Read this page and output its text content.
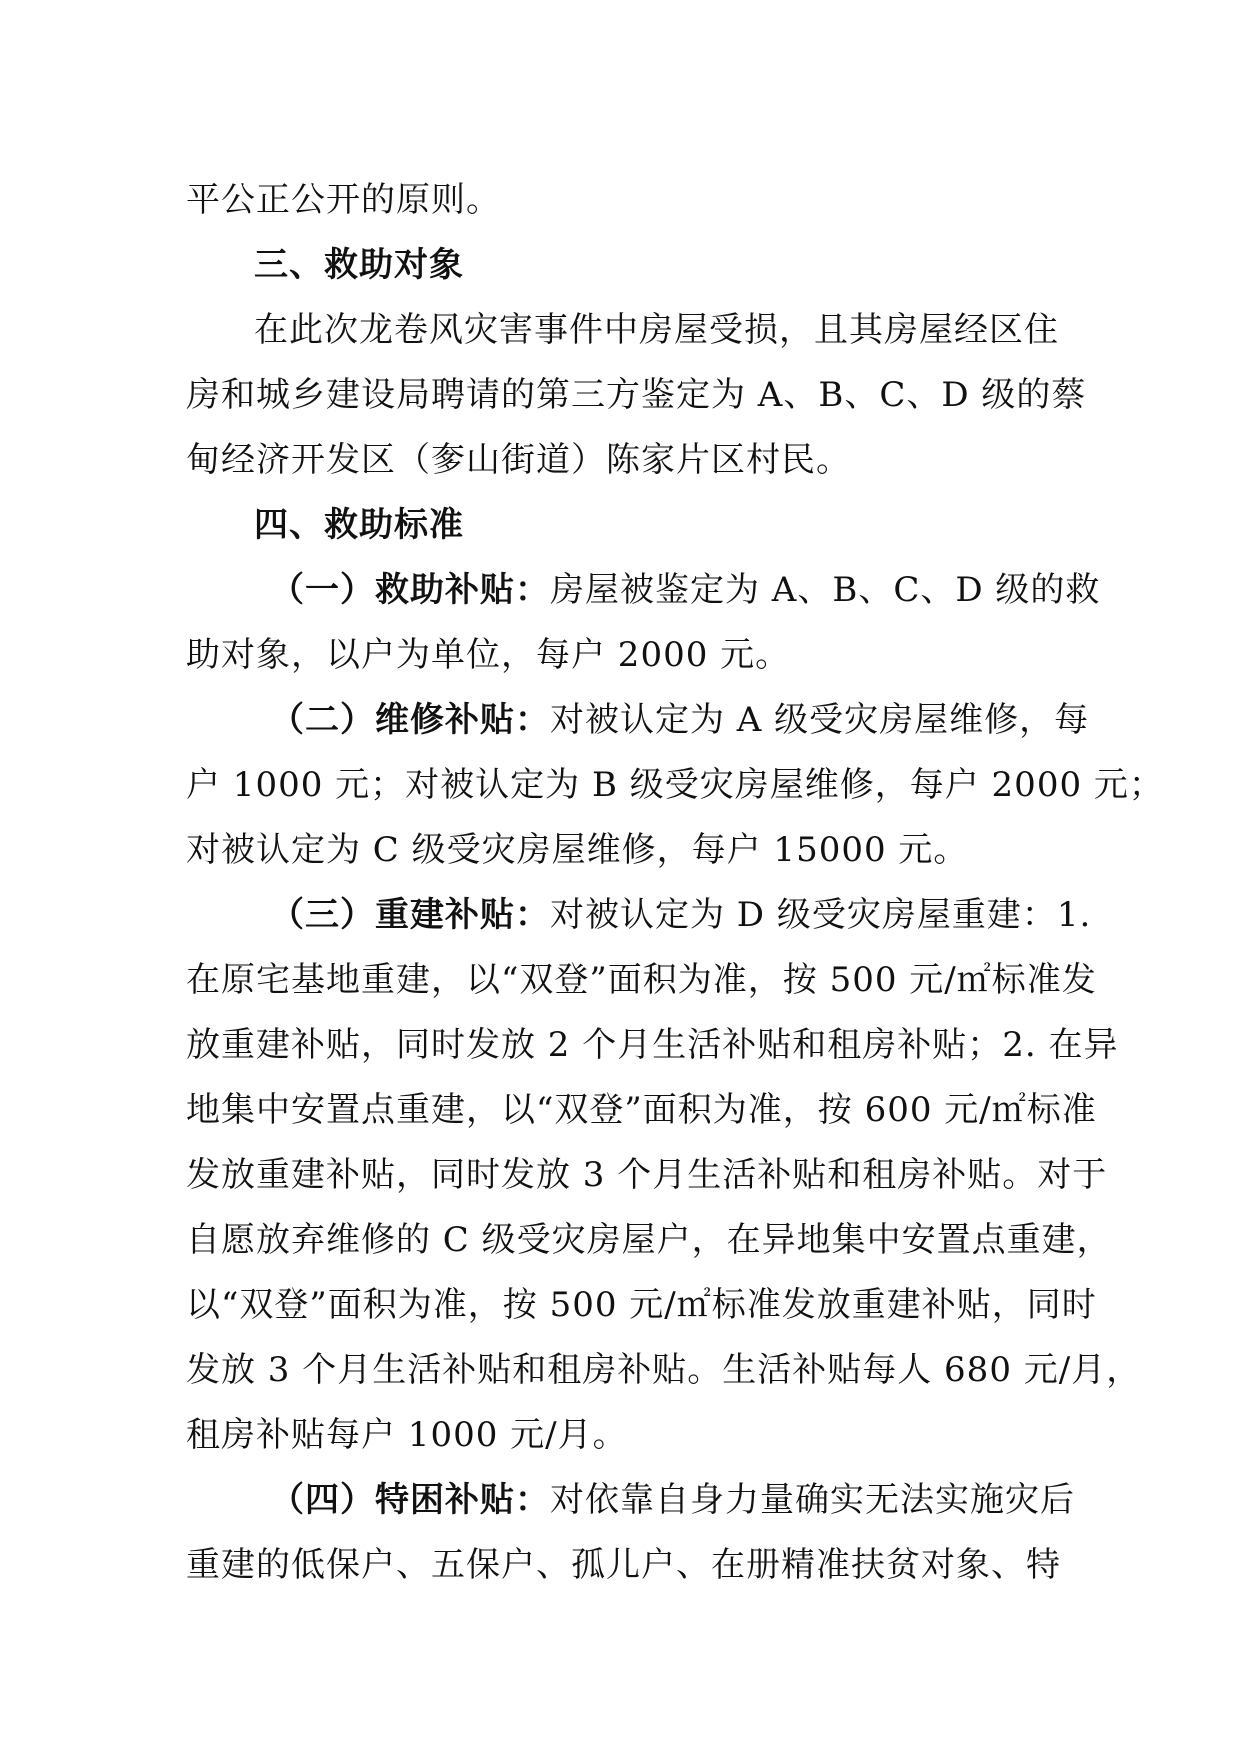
平公正公开的原则。
三、救助对象
在此次龙卷风灾害事件中房屋受损，且其房屋经区住
房和城乡建设局聘请的第三方鉴定为 A、B、C、D 级的蔡
甸经济开发区（奓山街道）陈家片区村民。
四、救助标准
（一）救助补贴：房屋被鉴定为 A、B、C、D 级的救
助对象，以户为单位，每户 2000 元。
（二）维修补贴：对被认定为 A 级受灾房屋维修，每
户 1000 元；对被认定为 B 级受灾房屋维修，每户 2000 元；
对被认定为 C 级受灾房屋维修，每户 15000 元。
（三）重建补贴：对被认定为 D 级受灾房屋重建：1.
在原宅基地重建，以“双登”面积为准，按 500 元/㎡标准发
放重建补贴，同时发放 2 个月生活补贴和租房补贴；2. 在异
地集中安置点重建，以“双登”面积为准，按 600 元/㎡标准
发放重建补贴，同时发放 3 个月生活补贴和租房补贴。对于
自愿放弃维修的 C 级受灾房屋户，在异地集中安置点重建，
以“双登”面积为准，按 500 元/㎡标准发放重建补贴，同时
发放 3 个月生活补贴和租房补贴。生活补贴每人 680 元/月，
租房补贴每户 1000 元/月。
（四）特困补贴：对依靠自身力量确实无法实施灾后
重建的低保户、五保户、孤儿户、在册精准扶贫对象、特
